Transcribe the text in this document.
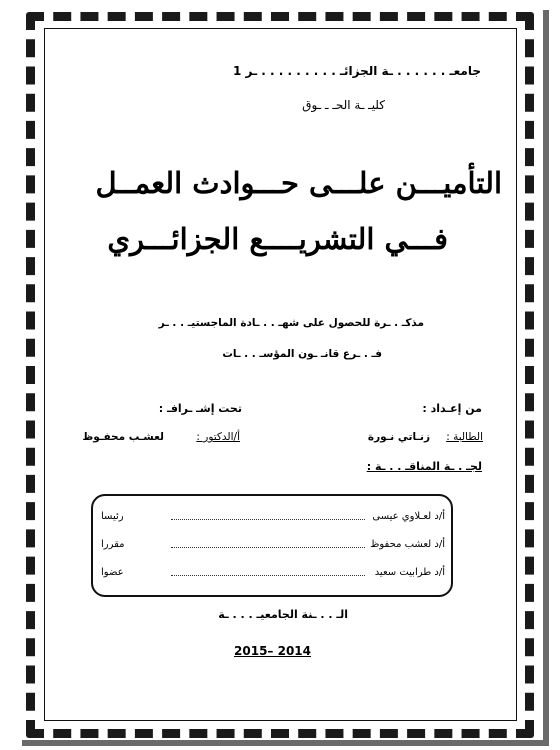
جامعـ . . . . . . ـة الجزائـ . . . . . . . . . ـر 1
كليـ ـة الحـ ـ ـوق
التأميـــن علـــى حـــوادث العمــل
فـــي التشريــــع الجزائـــري
مذكـ . ـرة للحصول على شهـ . . ـادة الماجستيـ . . ـر
فـ . ـرع قانـ ـون المؤسـ . . ـات
من إعـداد :
تحت إشـ ـرافـ :
الطالبة :
زنـاتي نـورة
أ/الدكتور :
لعشـب محفـوظ
لجـ . ـة المناقـ . . ـة :
أ/د لعـلاوي عيسى
رئيسا
أ/د لعشب محفوظ
مقررا
أ/د طرابيت سعيد
عضوا
الـ . . ـنة الجامعيـ . . . ـة
2015– 2014
